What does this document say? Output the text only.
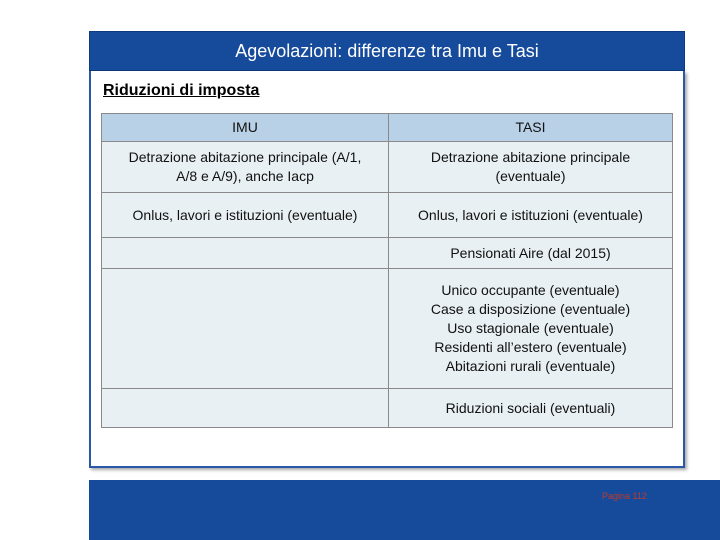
Agevolazioni: differenze tra Imu e Tasi
Riduzioni di imposta
IMU	TASI

Detrazione abitazione principale (A/1,
A/8 e A/9), anche Iacp	Detrazione abitazione principale
(eventuale)

Onlus, lavori e istituzioni (eventuale)	Onlus, lavori e istituzioni (eventuale)

	Pensionati Aire (dal 2015)

	Unico occupante (eventuale)
Case a disposizione (eventuale)
Uso stagionale (eventuale)
Residenti all’estero (eventuale)
Abitazioni rurali (eventuale)

	Riduzioni sociali (eventuali)
Pagina 112
